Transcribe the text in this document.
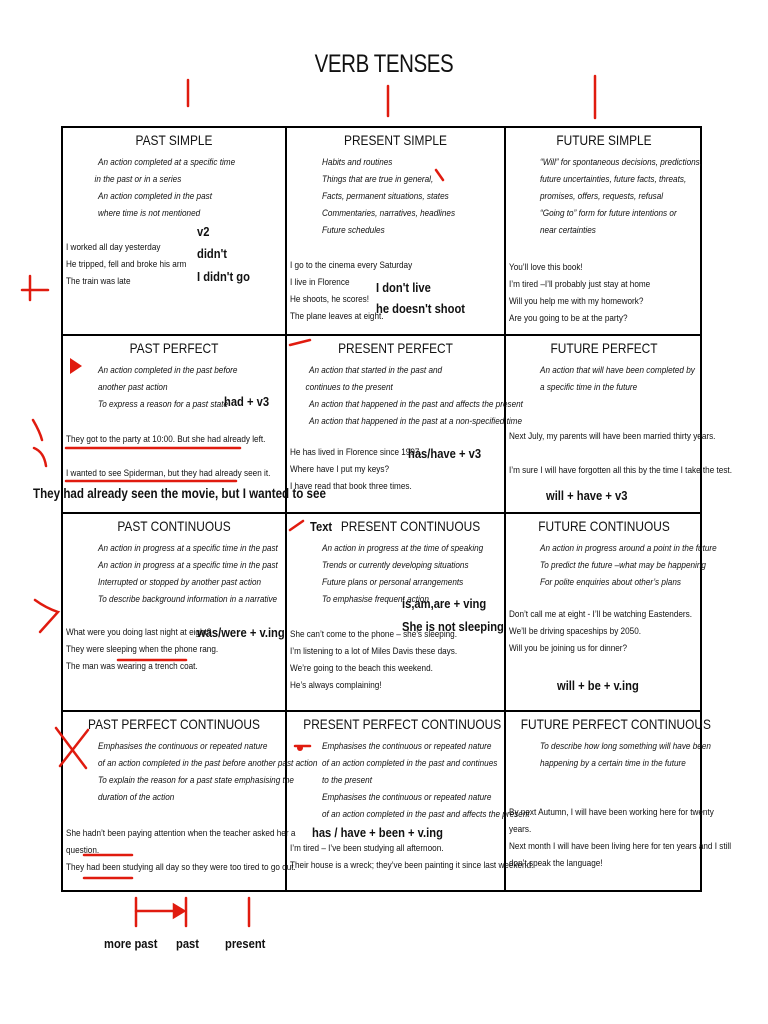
VERB TENSES
PAST SIMPLE
An action completed at a specific time
in the past or in a series
An action completed in the past
where time is not mentioned
I worked all day yesterday
He tripped, fell and broke his arm
The train was late
PRESENT SIMPLE
Habits and routines
Things that are true in general,
Facts, permanent situations, states
Commentaries, narratives, headlines
Future schedules
I go to the cinema every Saturday
I live in Florence
He shoots, he scores!
The plane leaves at eight.
FUTURE SIMPLE
“Will” for spontaneous decisions, predictions,
future uncertainties, future facts, threats,
promises, offers, requests, refusal
“Going to” form for future intentions or
near certainties
You’ll love this book!
I’m tired –I’ll probably just stay at home
Will you help me with my homework?
Are you going to be at the party?
PAST PERFECT
An action completed in the past before
another past action
To express a reason for a past state
They got to the party at 10:00. But she had already left.
I wanted to see Spiderman, but they had already seen it.
PRESENT PERFECT
An action that started in the past and
continues to the present
An action that happened in the past and affects the present
An action that happened in the past at a non-specified time
He has lived in Florence since 1997.
Where have I put my keys?
I have read that book three times.
FUTURE PERFECT
An action that will have been completed by
a specific time in the future
Next July, my parents will have been married thirty years.
I’m sure I will have forgotten all this by the time I take the test.
PAST CONTINUOUS
An action in progress at a specific time in the past
An action in progress at a specific time in the past
Interrupted or stopped by another past action
To describe background information in a narrative
What were you doing last night at eight?
They were sleeping when the phone rang.
The man was wearing a trench coat.
PRESENT CONTINUOUS
An action in progress at the time of speaking
Trends or currently developing situations
Future plans or personal arrangements
To emphasise frequent action
She can’t come to the phone – she’s sleeping.
I’m listening to a lot of Miles Davis these days.
We’re going to the beach this weekend.
He’s always complaining!
FUTURE CONTINUOUS
An action in progress around a point in the future
To predict the future –what may be happening
For polite enquiries about other’s plans
Don’t call me at eight - I’ll be watching Eastenders.
We’ll be driving spaceships by 2050.
Will you be joining us for dinner?
PAST PERFECT CONTINUOUS
Emphasises the continuous or repeated nature
of an action completed in the past before another past action
To explain the reason for a past state emphasising the
duration of the action
She hadn’t been paying attention when the teacher asked her a
question.
They had been studying all day so they were too tired to go out.
PRESENT PERFECT CONTINUOUS
Emphasises the continuous or repeated nature
of an action completed in the past and continues
to the present
Emphasises the continuous or repeated nature
of an action completed in the past and affects the present
I’m tired – I’ve been studying all afternoon.
Their house is a wreck; they’ve been painting it since last weekend.
FUTURE PERFECT CONTINUOUS
To describe how long something will have been
happening by a certain time in the future
By next Autumn, I will have been working here for twenty
years.
Next month I will have been living here for ten years and I still
don’t speak the language!
v2
didn't
I didn't go
I don't live
he doesn't shoot
had + v3
has/have + v3
They had already seen the movie, but I wanted to see	will + have + v3
Text
is,am,are + ving
She is not sleeping
was/were + v.ing
will + be + v.ing
has / have + been + v.ing
more past past present
